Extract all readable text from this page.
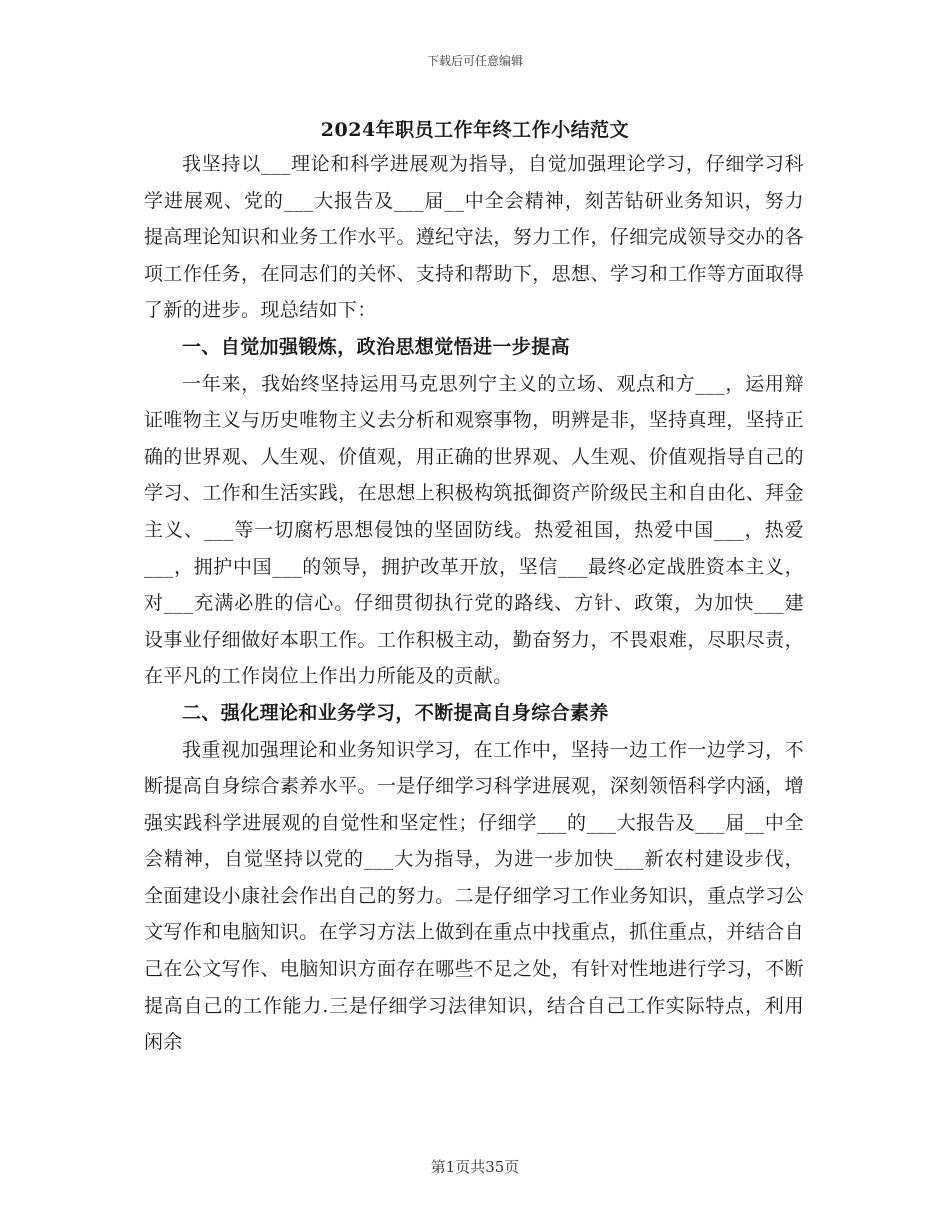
下载后可任意编辑
2024年职员工作年终工作小结范文

我坚持以___理论和科学进展观为指导，自觉加强理论学习，仔细学习科学进展观、党的___大报告及___届__中全会精神，刻苦钻研业务知识，努力提高理论知识和业务工作水平。遵纪守法，努力工作，仔细完成领导交办的各项工作任务，在同志们的关怀、支持和帮助下，思想、学习和工作等方面取得了新的进步。现总结如下：

一、自觉加强锻炼，政治思想觉悟进一步提高

一年来，我始终坚持运用马克思列宁主义的立场、观点和方___，运用辩证唯物主义与历史唯物主义去分析和观察事物，明辨是非，坚持真理，坚持正确的世界观、人生观、价值观，用正确的世界观、人生观、价值观指导自己的学习、工作和生活实践，在思想上积极构筑抵御资产阶级民主和自由化、拜金主义、___等一切腐朽思想侵蚀的坚固防线。热爱祖国，热爱中国___，热爱___，拥护中国___的领导，拥护改革开放，坚信___最终必定战胜资本主义，对___充满必胜的信心。仔细贯彻执行党的路线、方针、政策，为加快___建设事业仔细做好本职工作。工作积极主动，勤奋努力，不畏艰难，尽职尽责，在平凡的工作岗位上作出力所能及的贡献。

二、强化理论和业务学习，不断提高自身综合素养

我重视加强理论和业务知识学习，在工作中，坚持一边工作一边学习，不断提高自身综合素养水平。一是仔细学习科学进展观，深刻领悟科学内涵，增强实践科学进展观的自觉性和坚定性；仔细学___的___大报告及___届__中全会精神，自觉坚持以党的___大为指导，为进一步加快___新农村建设步伐，全面建设小康社会作出自己的努力。二是仔细学习工作业务知识，重点学习公文写作和电脑知识。在学习方法上做到在重点中找重点，抓住重点，并结合自己在公文写作、电脑知识方面存在哪些不足之处，有针对性地进行学习，不断提高自己的工作能力.三是仔细学习法律知识，结合自己工作实际特点，利用闲余

第1页共35页
